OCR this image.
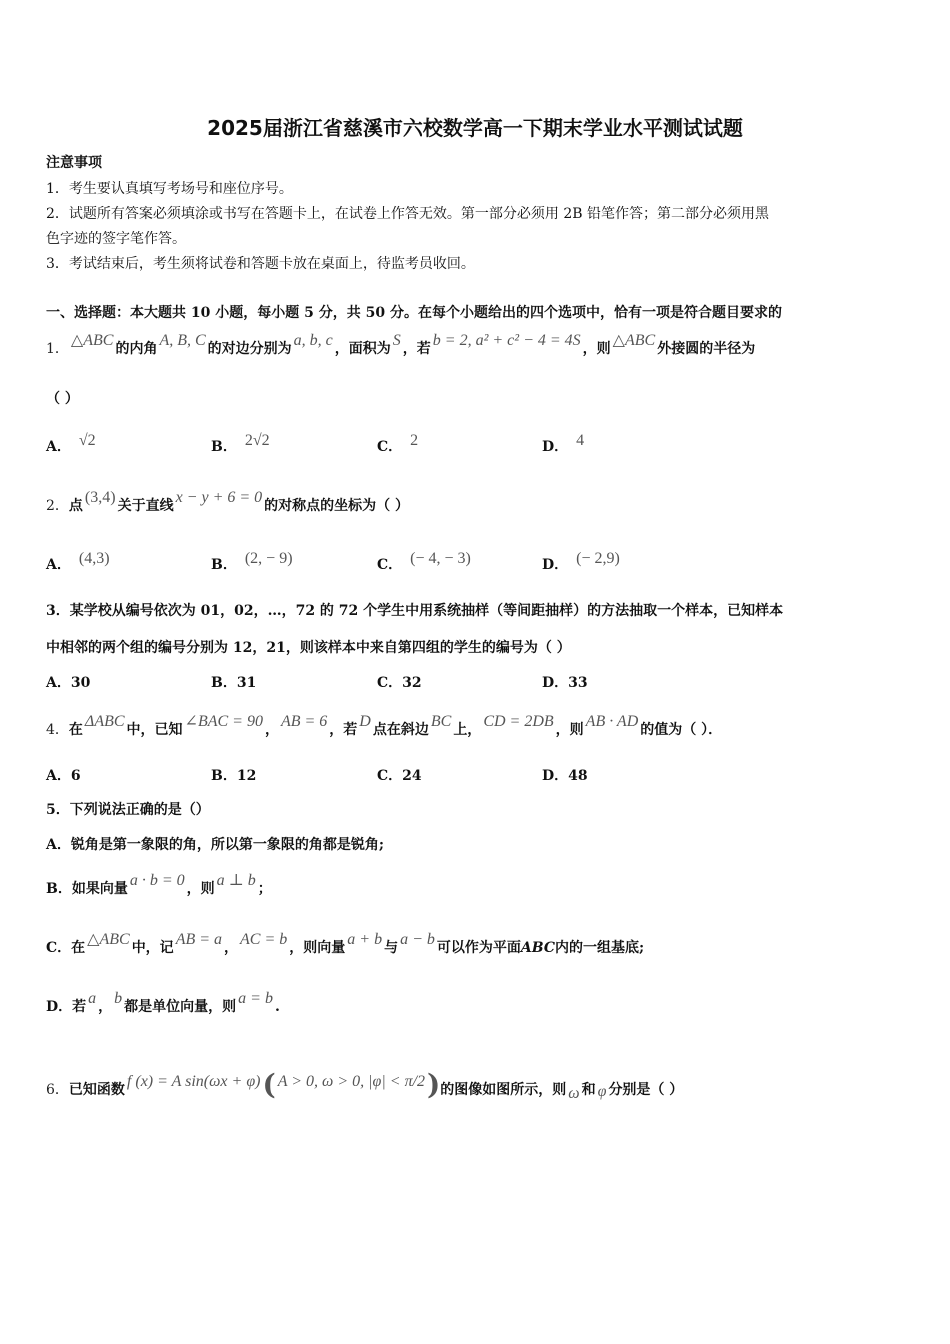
2025届浙江省慈溪市六校数学高一下期末学业水平测试试题
注意事项
1．考生要认真填写考场号和座位序号。
2．试题所有答案必须填涂或书写在答题卡上，在试卷上作答无效。第一部分必须用 2B 铅笔作答；第二部分必须用黑
色字迹的签字笔作答。
3．考试结束后，考生须将试卷和答题卡放在桌面上，待监考员收回。
一、选择题：本大题共 10 小题，每小题 5 分，共 50 分。在每个小题给出的四个选项中，恰有一项是符合题目要求的
1． △ABC 的内角 A, B, C 的对边分别为 a, b, c ，面积为 S ，若 b = 2, a² + c² − 4 = 4S ，则 △ABC 外接圆的半径为
（ ）
A． √2	B． 2√2	C． 2	D． 4
2．点 (3,4) 关于直线 x − y + 6 = 0 的对称点的坐标为（ ）
A． (4,3)	B． (2, − 9)	C． (− 4, − 3)	D． (− 2,9)
3．某学校从编号依次为 01，02，…，72 的 72 个学生中用系统抽样（等间距抽样）的方法抽取一个样本，已知样本
中相邻的两个组的编号分别为 12，21，则该样本中来自第四组的学生的编号为（ ）
A．30	B．31	C．32	D．33
4．在 ΔABC 中，已知 ∠BAC = 90 ， AB = 6 ，若 D 点在斜边 BC 上， CD = 2DB ，则 AB · AD 的值为（ ）．
A．6	B．12	C．24	D．48
5．下列说法正确的是（）
A．锐角是第一象限的角，所以第一象限的角都是锐角;
B．如果向量 a · b = 0 ，则 a ⊥ b ；
C．在 △ABC 中，记 AB = a ， AC = b ，则向量 a + b 与 a − b 可以作为平面ABC内的一组基底;
D．若 a ， b 都是单位向量，则 a = b .
6．已知函数 f (x) = A sin(ωx + φ)( A > 0, ω > 0, |φ| < π/2)的图像如图所示，则 ω 和 φ 分别是（ ）
